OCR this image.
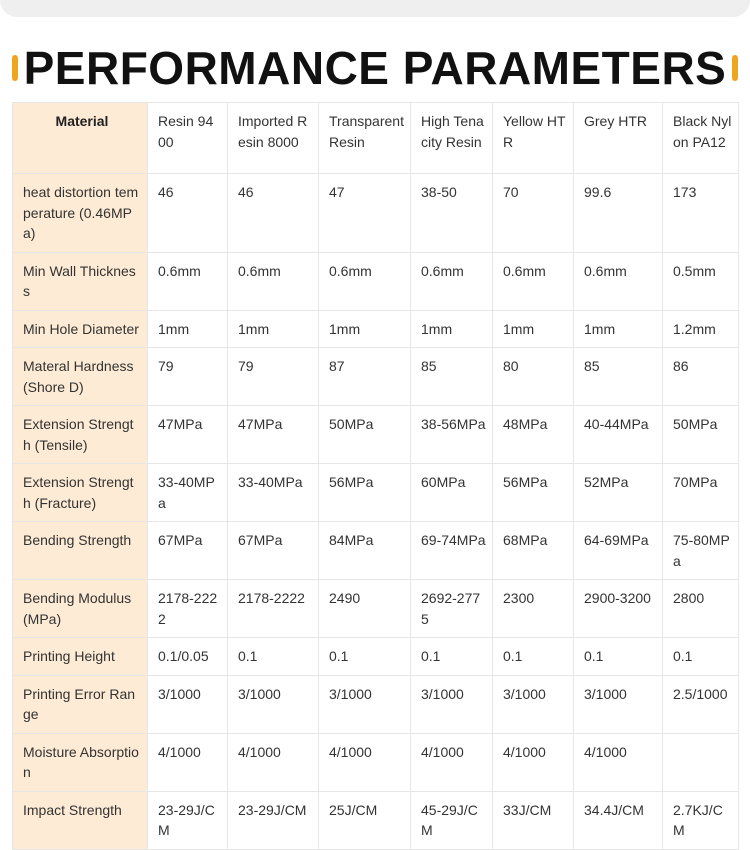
PERFORMANCE PARAMETERS
Material	Resin 9400	Imported Resin 8000	Transparent Resin	High Tenacity Resin	Yellow HTR	Grey HTR	Black Nylon PA12
heat distortion temperature (0.46MPa)	46	46	47	38-50	70	99.6	173
Min Wall Thickness	0.6mm	0.6mm	0.6mm	0.6mm	0.6mm	0.6mm	0.5mm
Min Hole Diameter	1mm	1mm	1mm	1mm	1mm	1mm	1.2mm
Materal Hardness (Shore D)	79	79	87	85	80	85	86
Extension Strength (Tensile)	47MPa	47MPa	50MPa	38-56MPa	48MPa	40-44MPa	50MPa
Extension Strength (Fracture)	33-40MPa	33-40MPa	56MPa	60MPa	56MPa	52MPa	70MPa
Bending Strength	67MPa	67MPa	84MPa	69-74MPa	68MPa	64-69MPa	75-80MPa
Bending Modulus(MPa)	2178-2222	2178-2222	2490	2692-2775	2300	2900-3200	2800
Printing Height	0.1/0.05	0.1	0.1	0.1	0.1	0.1	0.1
Printing Error Range	3/1000	3/1000	3/1000	3/1000	3/1000	3/1000	2.5/1000
Moisture Absorption	4/1000	4/1000	4/1000	4/1000	4/1000	4/1000	
Impact Strength	23-29J/CM	23-29J/CM	25J/CM	45-29J/CM	33J/CM	34.4J/CM	2.7KJ/CM
